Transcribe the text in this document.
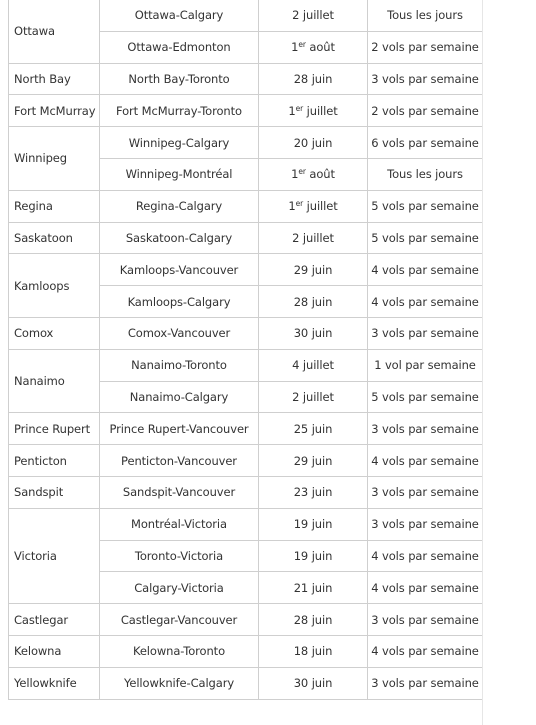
Ottawa	Ottawa-Calgary	2 juillet	Tous les jours
	Ottawa-Edmonton	1er août	2 vols par semaine
North Bay	North Bay-Toronto	28 juin	3 vols par semaine
Fort McMurray	Fort McMurray-Toronto	1er juillet	2 vols par semaine
Winnipeg	Winnipeg-Calgary	20 juin	6 vols par semaine
	Winnipeg-Montréal	1er août	Tous les jours
Regina	Regina-Calgary	1er juillet	5 vols par semaine
Saskatoon	Saskatoon-Calgary	2 juillet	5 vols par semaine
Kamloops	Kamloops-Vancouver	29 juin	4 vols par semaine
	Kamloops-Calgary	28 juin	4 vols par semaine
Comox	Comox-Vancouver	30 juin	3 vols par semaine
Nanaimo	Nanaimo-Toronto	4 juillet	1 vol par semaine
	Nanaimo-Calgary	2 juillet	5 vols par semaine
Prince Rupert	Prince Rupert-Vancouver	25 juin	3 vols par semaine
Penticton	Penticton-Vancouver	29 juin	4 vols par semaine
Sandspit	Sandspit-Vancouver	23 juin	3 vols par semaine
Victoria	Montréal-Victoria	19 juin	3 vols par semaine
	Toronto-Victoria	19 juin	4 vols par semaine
	Calgary-Victoria	21 juin	4 vols par semaine
Castlegar	Castlegar-Vancouver	28 juin	3 vols par semaine
Kelowna	Kelowna-Toronto	18 juin	4 vols par semaine
Yellowknife	Yellowknife-Calgary	30 juin	3 vols par semaine
